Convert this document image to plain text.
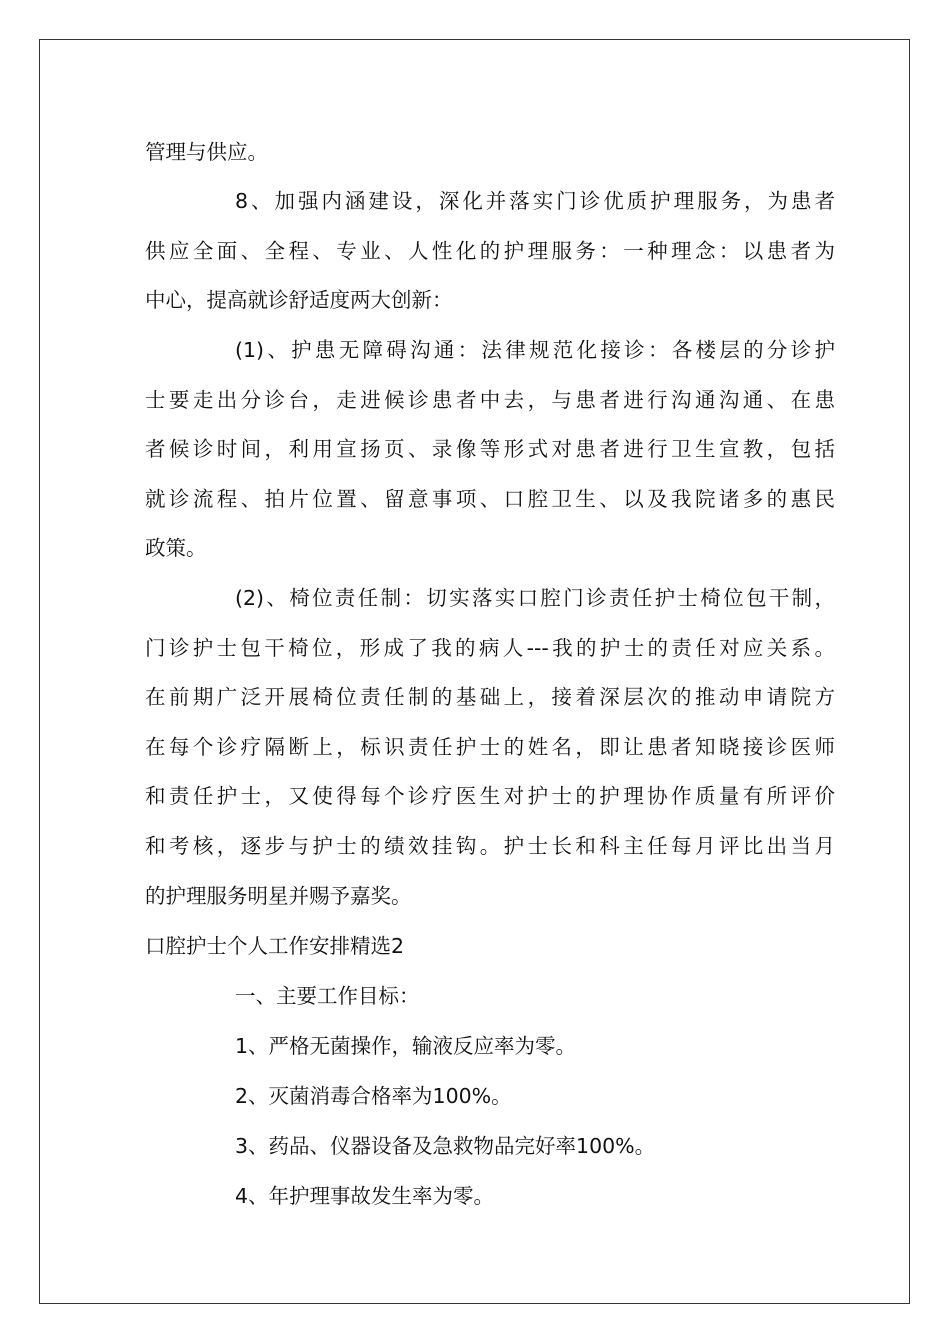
管理与供应。

8、加强内涵建设，深化并落实门诊优质护理服务，为患者

供应全面、全程、专业、人性化的护理服务：一种理念：以患者为

中心，提高就诊舒适度两大创新：

(1)、护患无障碍沟通：法律规范化接诊：各楼层的分诊护

士要走出分诊台，走进候诊患者中去，与患者进行沟通沟通、在患

者候诊时间，利用宣扬页、录像等形式对患者进行卫生宣教，包括

就诊流程、拍片位置、留意事项、口腔卫生、以及我院诸多的惠民

政策。

(2)、椅位责任制：切实落实口腔门诊责任护士椅位包干制，

门诊护士包干椅位，形成了我的病人---我的护士的责任对应关系。

在前期广泛开展椅位责任制的基础上，接着深层次的推动申请院方

在每个诊疗隔断上，标识责任护士的姓名，即让患者知晓接诊医师

和责任护士，又使得每个诊疗医生对护士的护理协作质量有所评价

和考核，逐步与护士的绩效挂钩。护士长和科主任每月评比出当月

的护理服务明星并赐予嘉奖。

口腔护士个人工作安排精选2

一、主要工作目标：

1、严格无菌操作，输液反应率为零。

2、灭菌消毒合格率为100%。

3、药品、仪器设备及急救物品完好率100%。

4、年护理事故发生率为零。
